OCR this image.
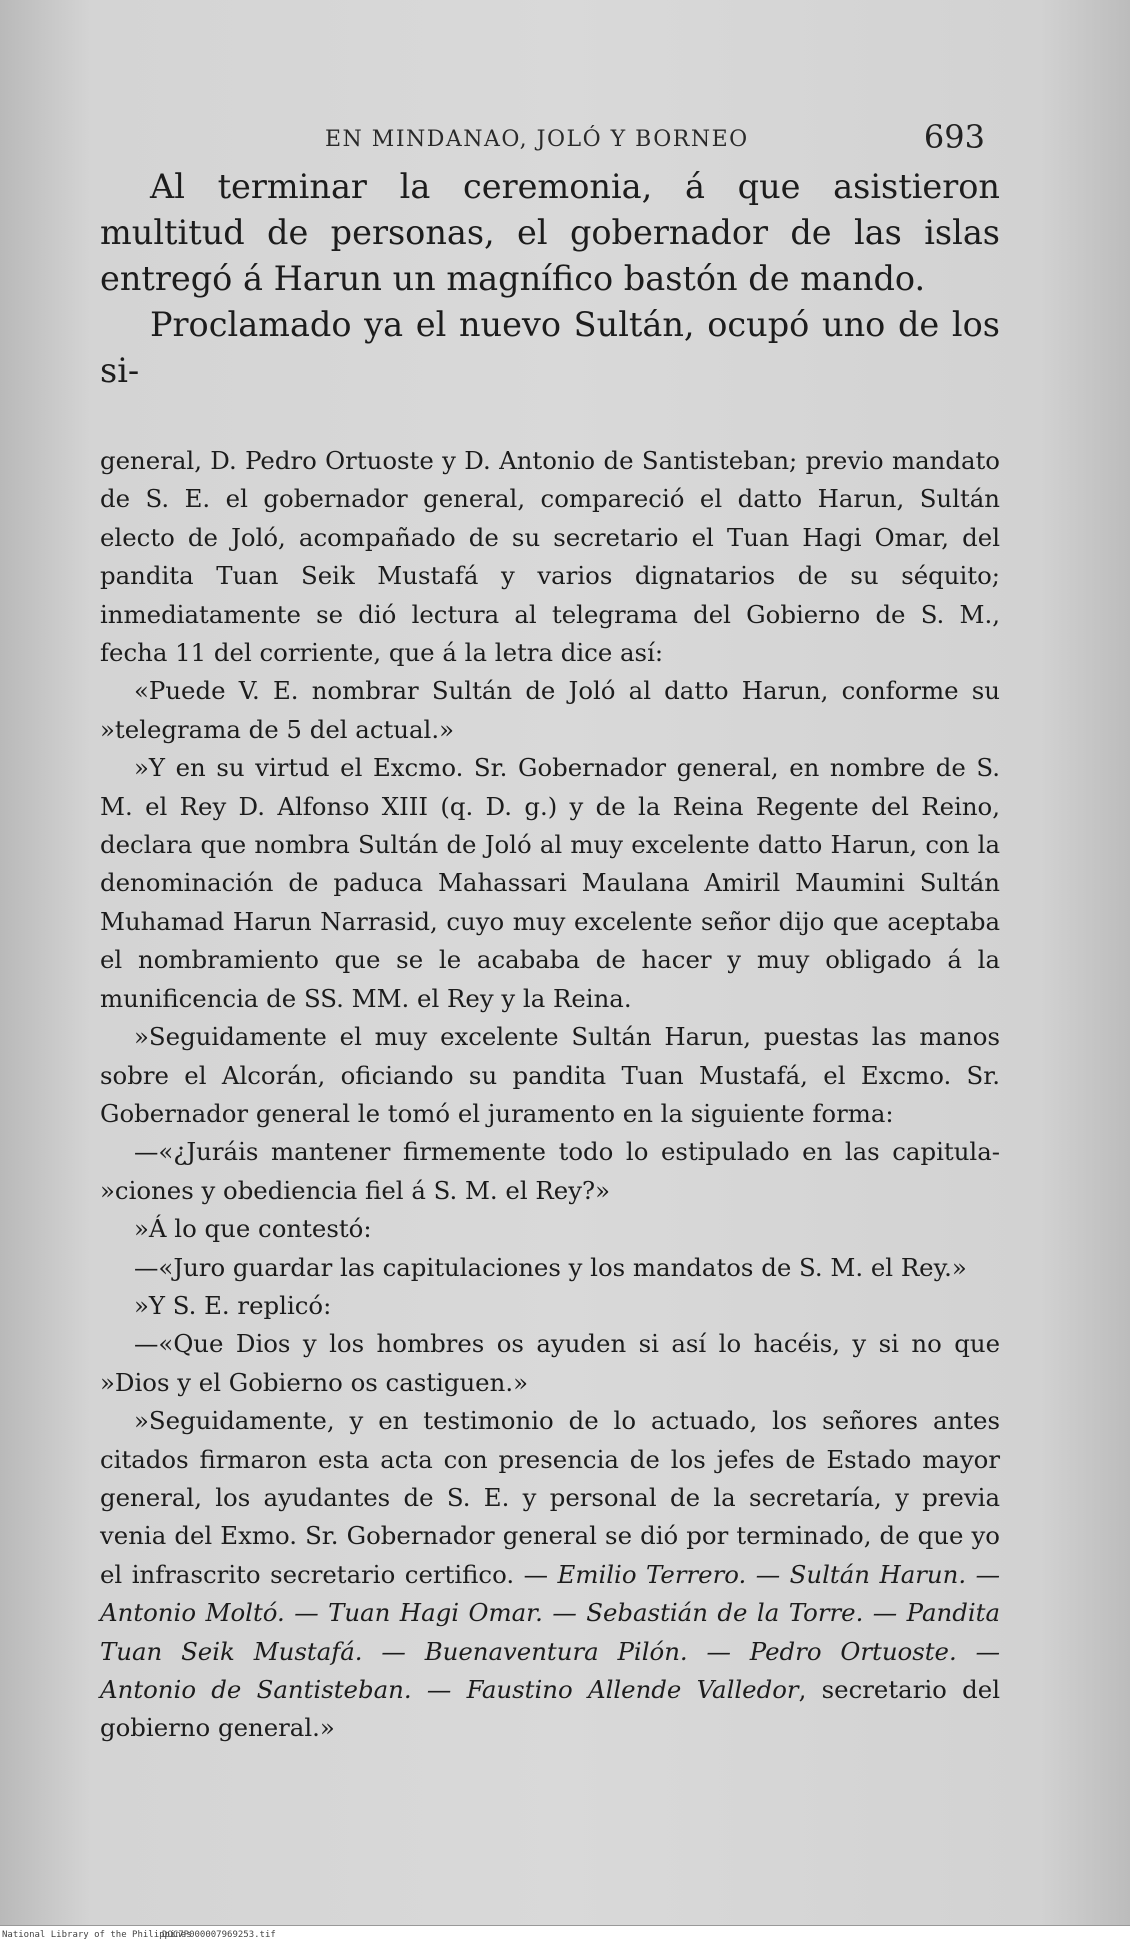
EN MINDANAO, JOLÓ Y BORNEO	693

Al terminar la ceremonia, á que asistieron multitud de personas, el gobernador de las islas entregó á Harun un magnífico bastón de mando.

Proclamado ya el nuevo Sultán, ocupó uno de los si-

general, D. Pedro Ortuoste y D. Antonio de Santisteban; previo mandato de S. E. el gobernador general, compareció el datto Harun, Sultán electo de Joló, acompañado de su secretario el Tuan Hagi Omar, del pandita Tuan Seik Mustafá y varios dignatarios de su séquito; inmediatamente se dió lectura al telegrama del Gobierno de S. M., fecha 11 del corriente, que á la letra dice así:

«Puede V. E. nombrar Sultán de Joló al datto Harun, conforme su »telegrama de 5 del actual.»

»Y en su virtud el Excmo. Sr. Gobernador general, en nombre de S. M. el Rey D. Alfonso XIII (q. D. g.) y de la Reina Regente del Reino, declara que nombra Sultán de Joló al muy excelente datto Harun, con la denominación de paduca Mahassari Maulana Amiril Maumini Sultán Muhamad Harun Narrasid, cuyo muy excelente señor dijo que aceptaba el nombramiento que se le acababa de hacer y muy obligado á la munificencia de SS. MM. el Rey y la Reina.

»Seguidamente el muy excelente Sultán Harun, puestas las manos sobre el Alcorán, oficiando su pandita Tuan Mustafá, el Excmo. Sr. Gobernador general le tomó el juramento en la siguiente forma:

—«¿Juráis mantener firmemente todo lo estipulado en las capitula- »ciones y obediencia fiel á S. M. el Rey?»

»Á lo que contestó:

—«Juro guardar las capitulaciones y los mandatos de S. M. el Rey.»

»Y S. E. replicó:

—«Que Dios y los hombres os ayuden si así lo hacéis, y si no que »Dios y el Gobierno os castiguen.»

»Seguidamente, y en testimonio de lo actuado, los señores antes citados firmaron esta acta con presencia de los jefes de Estado mayor general, los ayudantes de S. E. y personal de la secretaría, y previa venia del Exmo. Sr. Gobernador general se dió por terminado, de que yo el infrascrito secretario certifico. — Emilio Terrero. — Sultán Harun. — Antonio Moltó. — Tuan Hagi Omar. — Sebastián de la Torre. — Pandita Tuan Seik Mustafá. — Buenaventura Pilón. — Pedro Ortuoste. — Antonio de Santisteban. — Faustino Allende Valledor, secretario del gobierno general.»

National Library of the Philippines
DOC7P000007969253.tif
